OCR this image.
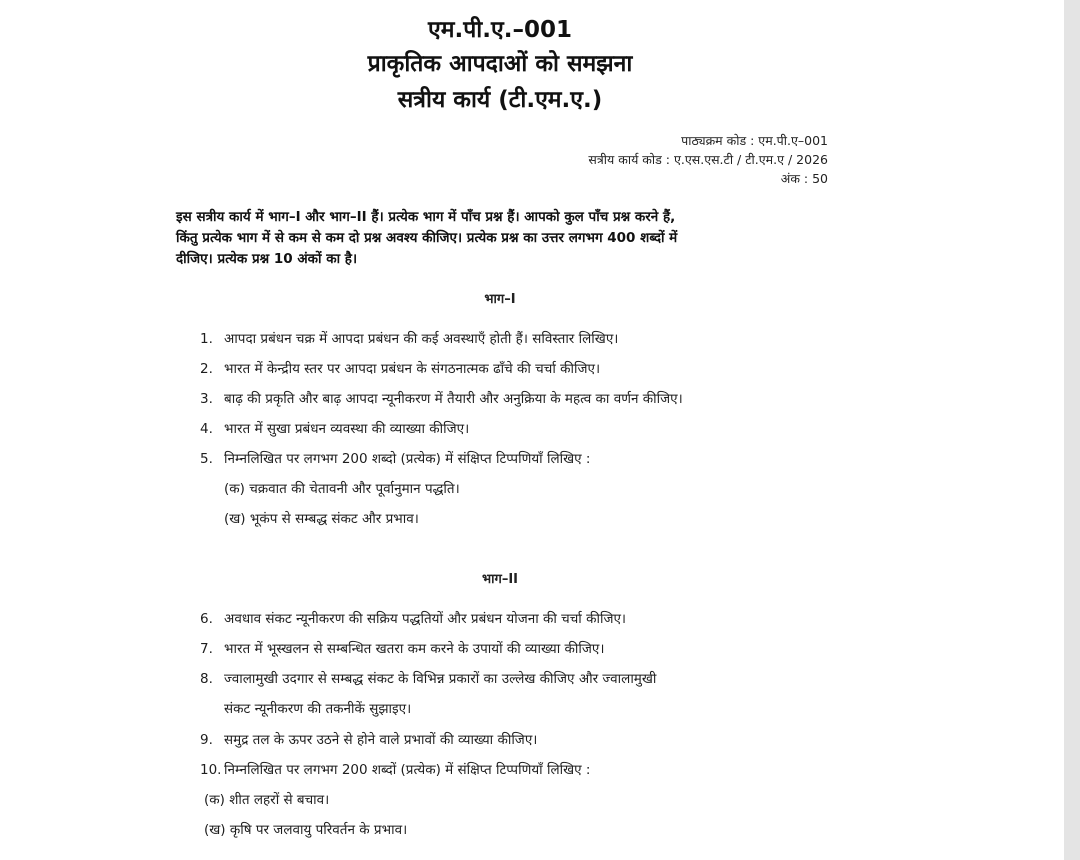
एम.पी.ए.–001
प्राकृतिक आपदाओं को समझना
सत्रीय कार्य (टी.एम.ए.)
पाठ्यक्रम कोड : एम.पी.ए–001
सत्रीय कार्य कोड : ए.एस.एस.टी / टी.एम.ए / 2026
अंक : 50
इस सत्रीय कार्य में भाग–I और भाग–II हैं। प्रत्येक भाग में पाँच प्रश्न हैं। आपको कुल पाँच प्रश्न करने हैं,
किंतु प्रत्येक भाग में से कम से कम दो प्रश्न अवश्य कीजिए। प्रत्येक प्रश्न का उत्तर लगभग 400 शब्दों में
दीजिए। प्रत्येक प्रश्न 10 अंकों का है।
भाग–I
1. आपदा प्रबंधन चक्र में आपदा प्रबंधन की कई अवस्थाएँ होती हैं। सविस्तार लिखिए।
2. भारत में केन्द्रीय स्तर पर आपदा प्रबंधन के संगठनात्मक ढाँचे की चर्चा कीजिए।
3. बाढ़ की प्रकृति और बाढ़ आपदा न्यूनीकरण में तैयारी और अनुक्रिया के महत्व का वर्णन कीजिए।
4. भारत में सुखा प्रबंधन व्यवस्था की व्याख्या कीजिए।
5. निम्नलिखित पर लगभग 200 शब्दो (प्रत्येक) में संक्षिप्त टिप्पणियाँ लिखिए :
(क) चक्रवात की चेतावनी और पूर्वानुमान पद्धति।
(ख) भूकंप से सम्बद्ध संकट और प्रभाव।
भाग–II
6. अवधाव संकट न्यूनीकरण की सक्रिय पद्धतियों और प्रबंधन योजना की चर्चा कीजिए।
7. भारत में भूस्खलन से सम्बन्धित खतरा कम करने के उपायों की व्याख्या कीजिए।
8. ज्वालामुखी उदगार से सम्बद्ध संकट के विभिन्न प्रकारों का उल्लेख कीजिए और ज्वालामुखी
संकट न्यूनीकरण की तकनीकें सुझाइए।
9. समुद्र तल के ऊपर उठने से होने वाले प्रभावों की व्याख्या कीजिए।
10. निम्नलिखित पर लगभग 200 शब्दों (प्रत्येक) में संक्षिप्त टिप्पणियाँ लिखिए :
(क) शीत लहरों से बचाव।
(ख) कृषि पर जलवायु परिवर्तन के प्रभाव।
